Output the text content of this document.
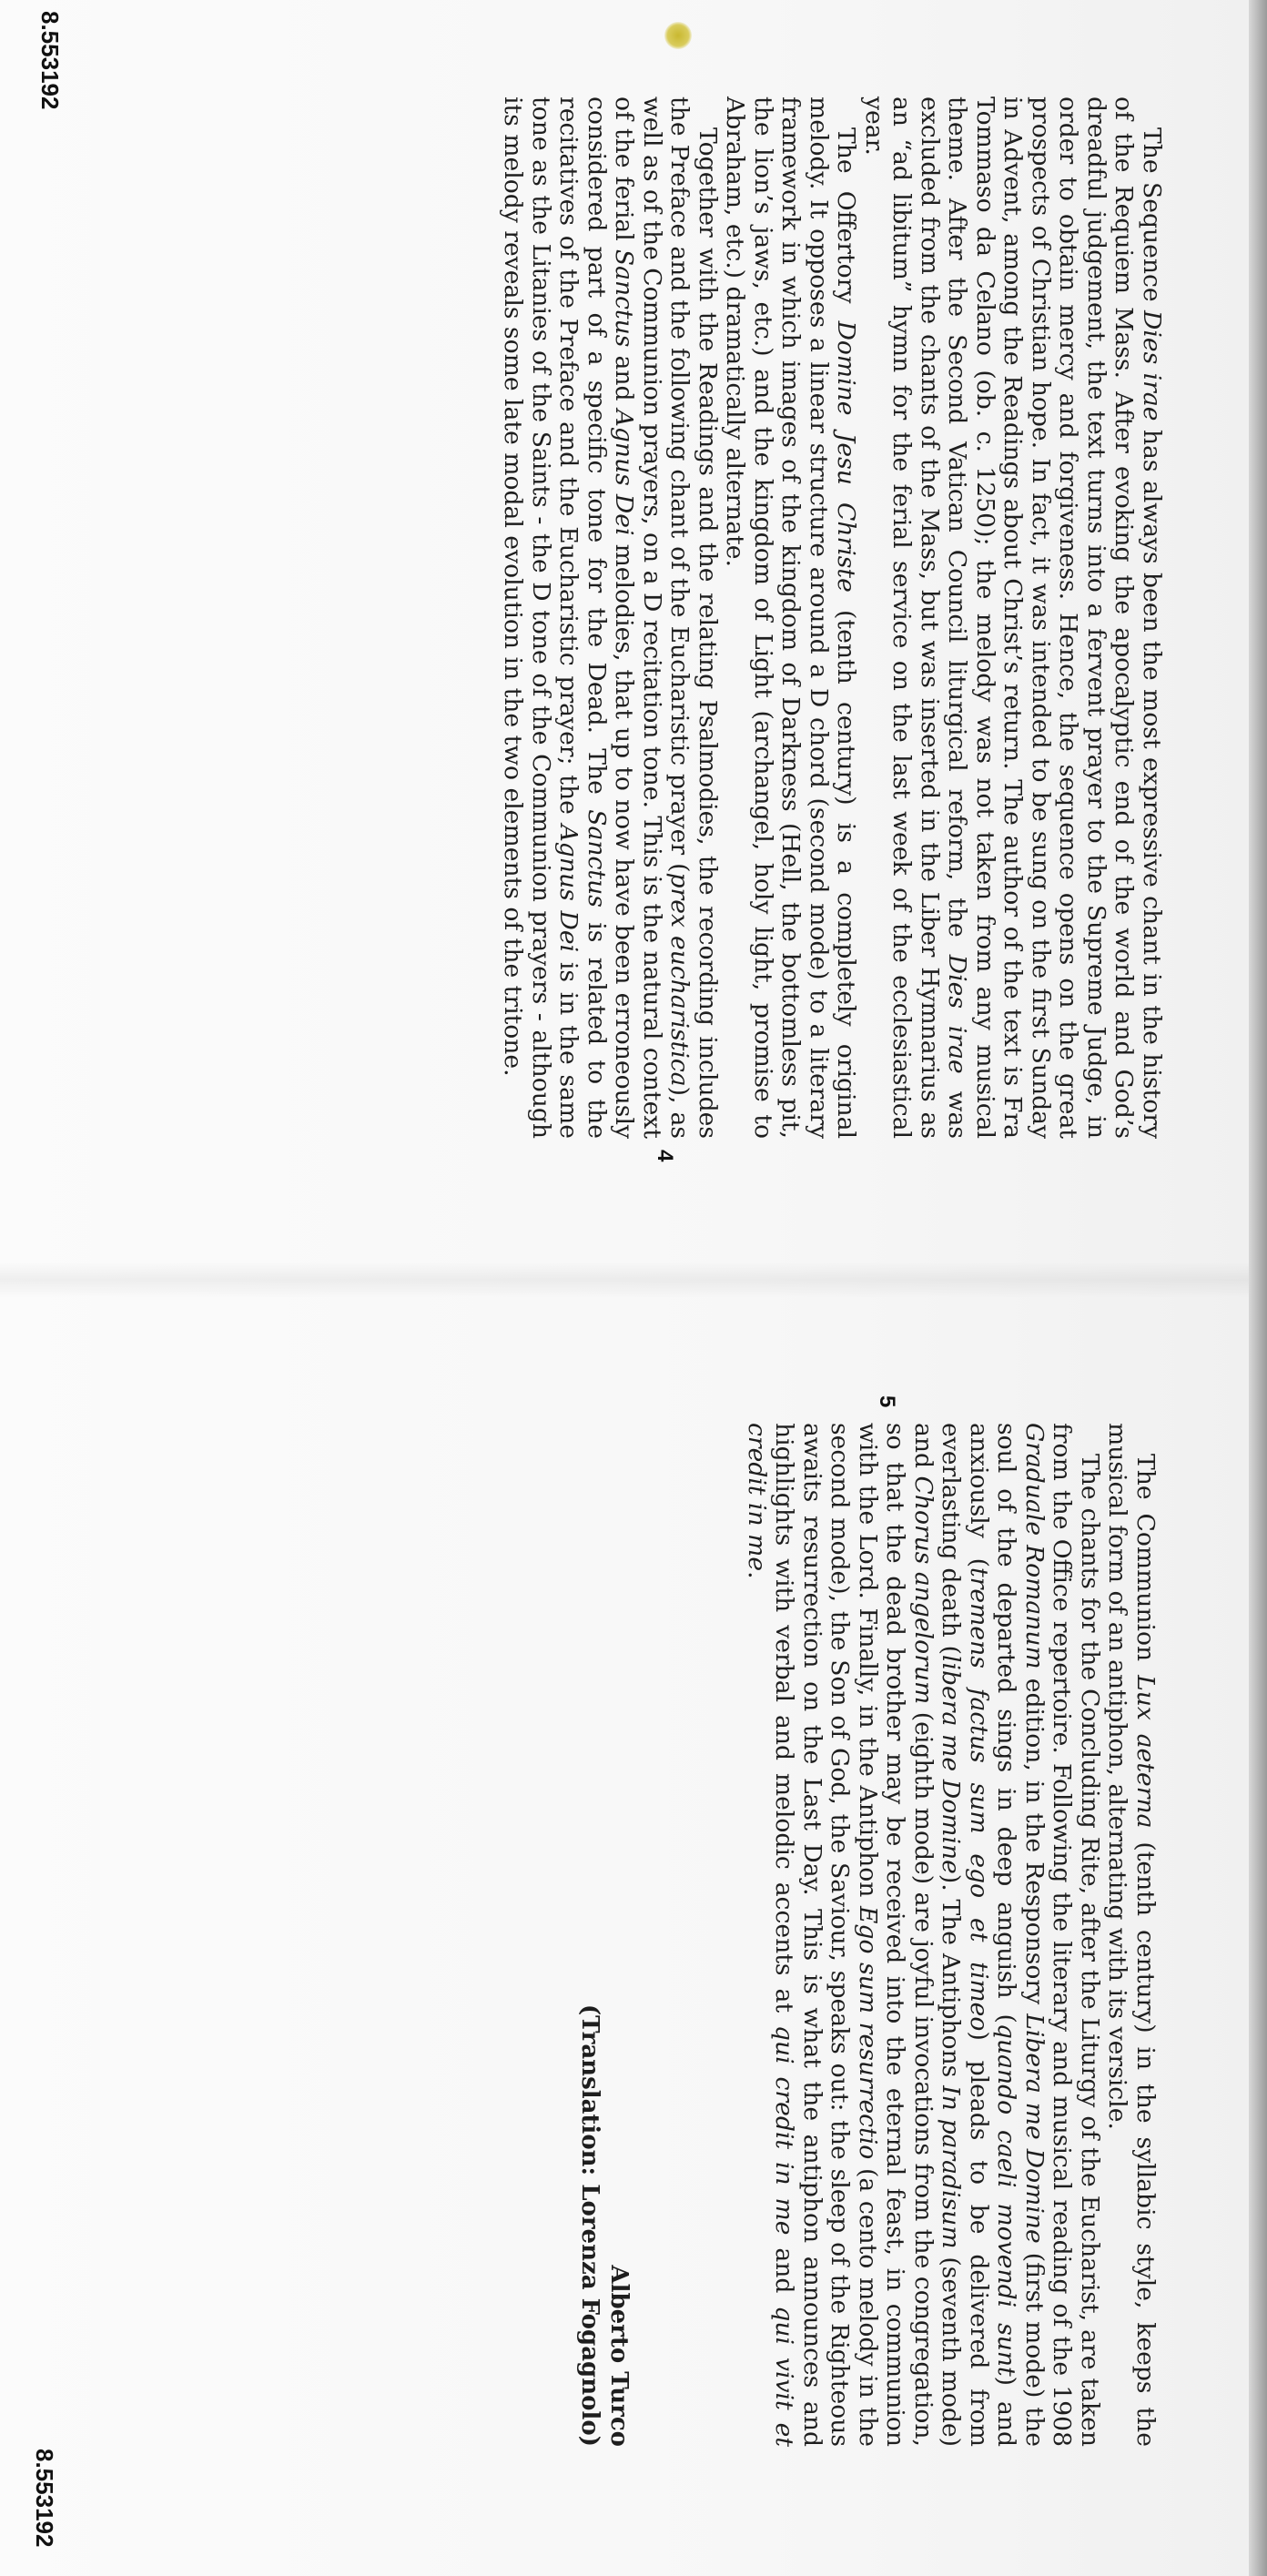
8.553192
4

The Sequence Dies irae has always been the most expressive chant in the history of the Requiem Mass. After evoking the apocalyptic end of the world and God’s dreadful judgement, the text turns into a fervent prayer to the Supreme Judge, in order to obtain mercy and forgiveness. Hence, the sequence opens on the great prospects of Christian hope. In fact, it was intended to be sung on the first Sunday in Advent, among the Readings about Christ’s return. The author of the text is Fra Tommaso da Celano (ob. c. 1250); the melody was not taken from any musical theme. After the Second Vatican Council liturgical reform, the Dies irae was excluded from the chants of the Mass, but was inserted in the Liber Hymnarius as an “ad libitum” hymn for the ferial service on the last week of the ecclesiastical year.

The Offertory Domine Jesu Christe (tenth century) is a completely original melody. It opposes a linear structure around a D chord (second mode) to a literary framework in which images of the kingdom of Darkness (Hell, the bottomless pit, the lion’s jaws, etc.) and the kingdom of Light (archangel, holy light, promise to Abraham, etc.) dramatically alternate.

Together with the Readings and the relating Psalmodies, the recording includes the Preface and the following chant of the Eucharistic prayer (prex eucharistica), as well as of the Communion prayers, on a D recitation tone. This is the natural context of the ferial Sanctus and Agnus Dei melodies, that up to now have been erroneously considered part of a specific tone for the Dead. The Sanctus is related to the recitatives of the Preface and the Eucharistic prayer; the Agnus Dei is in the same tone as the Litanies of the Saints - the D tone of the Communion prayers - although its melody reveals some late modal evolution in the two elements of the tritone.

8.553192
5

The Communion Lux aeterna (tenth century) in the syllabic style, keeps the musical form of an antiphon, alternating with its versicle.

The chants for the Concluding Rite, after the Liturgy of the Eucharist, are taken from the Office repertoire. Following the literary and musical reading of the 1908 Graduale Romanum edition, in the Responsory Libera me Domine (first mode) the soul of the departed sings in deep anguish (quando caeli movendi sunt) and anxiously (tremens factus sum ego et timeo) pleads to be delivered from everlasting death (libera me Domine). The Antiphons In paradisum (seventh mode) and Chorus angelorum (eighth mode) are joyful invocations from the congregation, so that the dead brother may be received into the eternal feast, in communion with the Lord. Finally, in the Antiphon Ego sum resurrectio (a cento melody in the second mode), the Son of God, the Saviour, speaks out: the sleep of the Righteous awaits resurrection on the Last Day. This is what the antiphon announces and highlights with verbal and melodic accents at qui credit in me and qui vivit et credit in me.

Alberto Turco
(Translation: Lorenza Fogagnolo)
